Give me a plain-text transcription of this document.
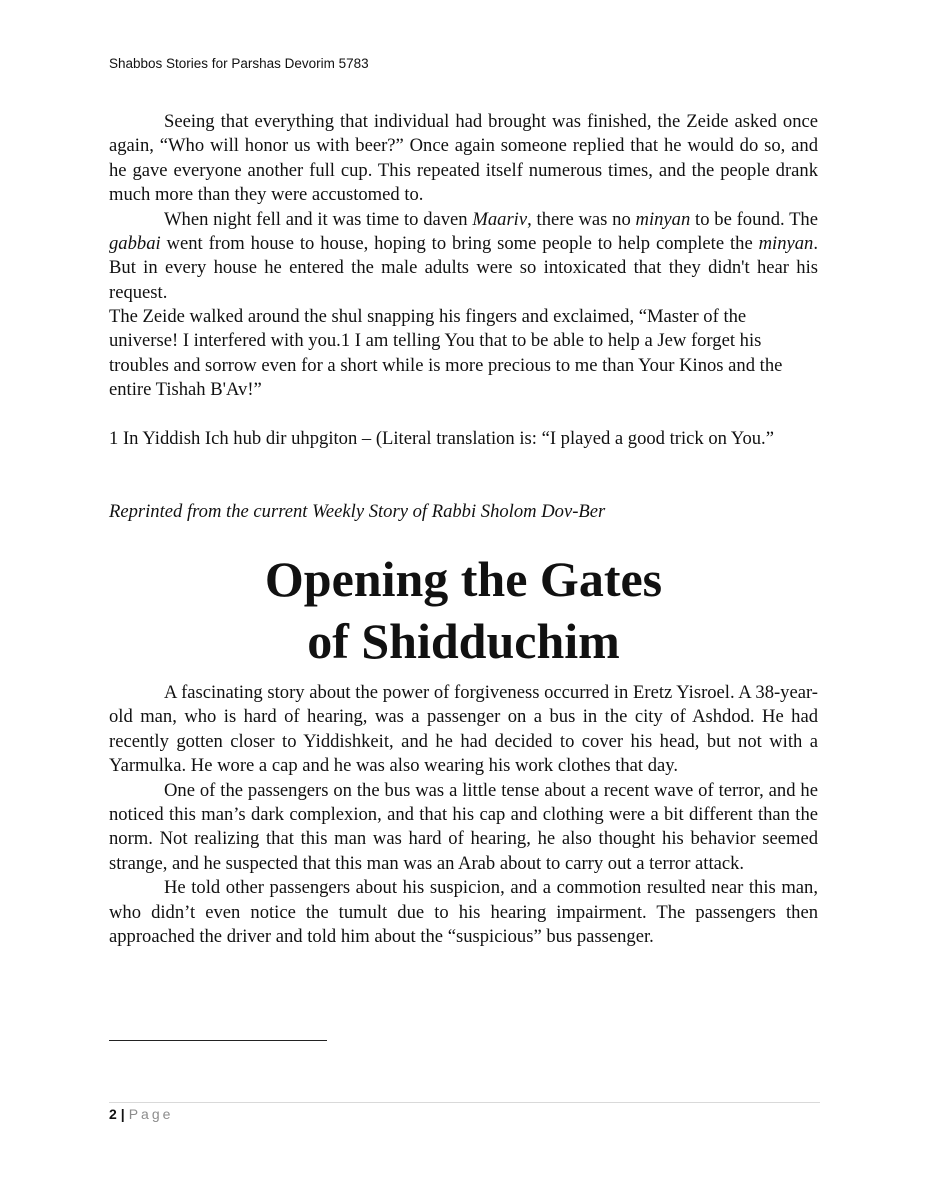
Shabbos Stories for Parshas Devorim 5783

Seeing that everything that individual had brought was finished, the Zeide asked once again, “Who will honor us with beer?” Once again someone replied that he would do so, and he gave everyone another full cup. This repeated itself numerous times, and the people drank much more than they were accustomed to.

When night fell and it was time to daven Maariv, there was no minyan to be found. The gabbai went from house to house, hoping to bring some people to help complete the minyan. But in every house he entered the male adults were so intoxicated that they didn't hear his request.

The Zeide walked around the shul snapping his fingers and exclaimed, “Master of the universe! I interfered with you.1 I am telling You that to be able to help a Jew forget his troubles and sorrow even for a short while is more precious to me than Your Kinos and the entire Tishah B'Av!”

1 In Yiddish Ich hub dir uhpgiton – (Literal translation is: “I played a good trick on You.”

Reprinted from the current Weekly Story of Rabbi Sholom Dov-Ber

Opening the Gates
of Shidduchim

A fascinating story about the power of forgiveness occurred in Eretz Yisroel. A 38-year-old man, who is hard of hearing, was a passenger on a bus in the city of Ashdod. He had recently gotten closer to Yiddishkeit, and he had decided to cover his head, but not with a Yarmulka. He wore a cap and he was also wearing his work clothes that day.

One of the passengers on the bus was a little tense about a recent wave of terror, and he noticed this man’s dark complexion, and that his cap and clothing were a bit different than the norm. Not realizing that this man was hard of hearing, he also thought his behavior seemed strange, and he suspected that this man was an Arab about to carry out a terror attack.

He told other passengers about his suspicion, and a commotion resulted near this man, who didn’t even notice the tumult due to his hearing impairment. The passengers then approached the driver and told him about the “suspicious” bus passenger.

2 | Page
